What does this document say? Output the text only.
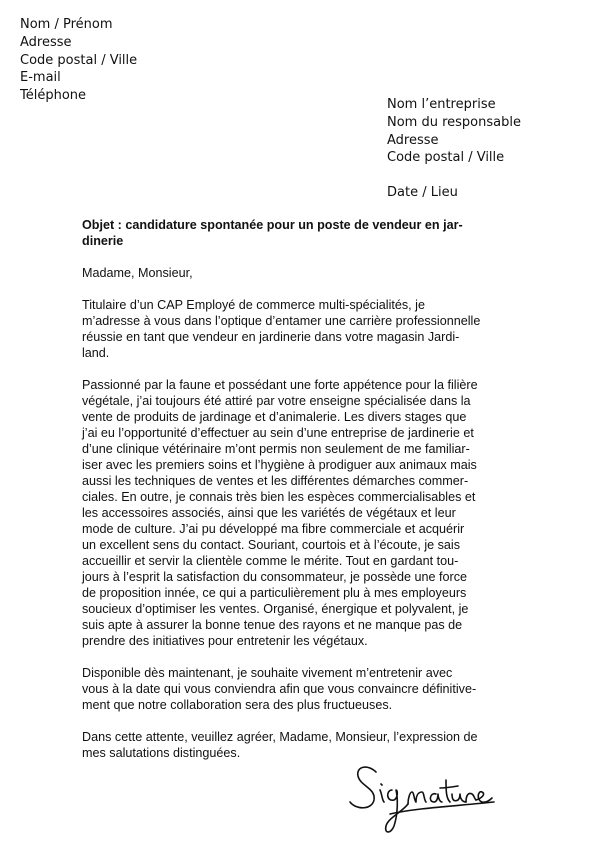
Nom / Prénom
Adresse
Code postal / Ville
E-mail
Téléphone
Nom l’entreprise
Nom du responsable
Adresse
Code postal / Ville
Date / Lieu
Objet : candidature spontanée pour un poste de vendeur en jar-
dinerie

Madame, Monsieur,

Titulaire d’un CAP Employé de commerce multi-spécialités, je
m’adresse à vous dans l’optique d’entamer une carrière professionnelle
réussie en tant que vendeur en jardinerie dans votre magasin Jardi-
land.

Passionné par la faune et possédant une forte appétence pour la filière
végétale, j’ai toujours été attiré par votre enseigne spécialisée dans la
vente de produits de jardinage et d’animalerie. Les divers stages que
j’ai eu l’opportunité d’effectuer au sein d’une entreprise de jardinerie et
d’une clinique vétérinaire m’ont permis non seulement de me familiar-
iser avec les premiers soins et l’hygiène à prodiguer aux animaux mais
aussi les techniques de ventes et les différentes démarches commer-
ciales. En outre, je connais très bien les espèces commercialisables et
les accessoires associés, ainsi que les variétés de végétaux et leur
mode de culture. J’ai pu développé ma fibre commerciale et acquérir
un excellent sens du contact. Souriant, courtois et à l’écoute, je sais
accueillir et servir la clientèle comme le mérite. Tout en gardant tou-
jours à l’esprit la satisfaction du consommateur, je possède une force
de proposition innée, ce qui a particulièrement plu à mes employeurs
soucieux d’optimiser les ventes. Organisé, énergique et polyvalent, je
suis apte à assurer la bonne tenue des rayons et ne manque pas de
prendre des initiatives pour entretenir les végétaux.

Disponible dès maintenant, je souhaite vivement m’entretenir avec
vous à la date qui vous conviendra afin que vous convaincre définitive-
ment que notre collaboration sera des plus fructueuses.

Dans cette attente, veuillez agréer, Madame, Monsieur, l’expression de
mes salutations distinguées.
